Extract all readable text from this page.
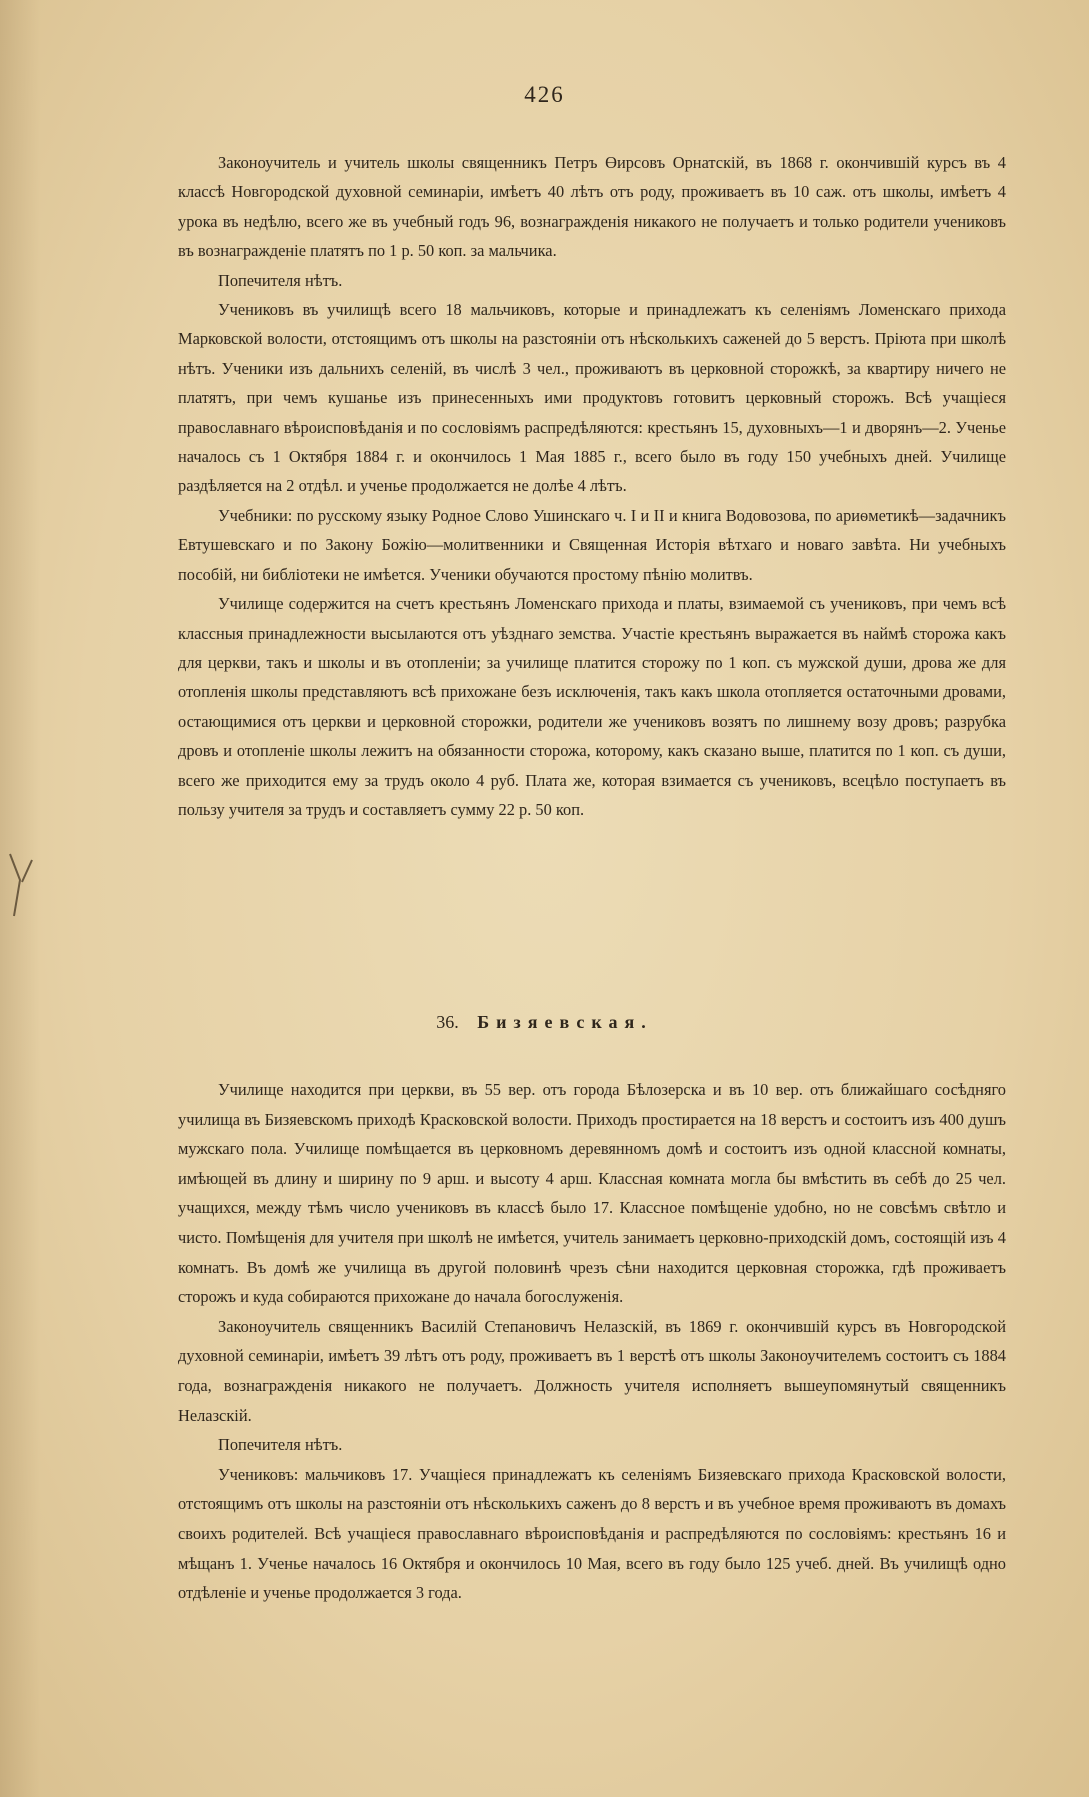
426

Законоучитель и учитель школы священникъ Петръ Өирсовъ Орнатскій, въ 1868 г. окончившій курсъ въ 4 классѣ Новгородской духовной семинаріи, имѣетъ 40 лѣтъ отъ роду, проживаетъ въ 10 саж. отъ школы, имѣетъ 4 урока въ недѣлю, всего же въ учебный годъ 96, вознагражденія никакого не получаетъ и только родители учениковъ въ вознагражденіе платятъ по 1 р. 50 коп. за мальчика.

Попечителя нѣтъ.

Учениковъ въ училищѣ всего 18 мальчиковъ, которые и принадлежатъ къ селеніямъ Ломенскаго прихода Марковской волости, отстоящимъ отъ школы на разстояніи отъ нѣсколькихъ саженей до 5 верстъ. Пріюта при школѣ нѣтъ. Ученики изъ дальнихъ селеній, въ числѣ 3 чел., проживаютъ въ церковной сторожкѣ, за квартиру ничего не платятъ, при чемъ кушанье изъ принесенныхъ ими продуктовъ готовитъ церковный сторожъ. Всѣ учащіеся православнаго вѣроисповѣданія и по сословіямъ распредѣляются: крестьянъ 15, духовныхъ—1 и дворянъ—2. Ученье началось съ 1 Октября 1884 г. и окончилось 1 Мая 1885 г., всего было въ году 150 учебныхъ дней. Училище раздѣляется на 2 отдѣл. и ученье продолжается не долѣе 4 лѣтъ.

Учебники: по русскому языку Родное Слово Ушинскаго ч. I и II и книга Водовозова, по ариѳметикѣ—задачникъ Евтушевскаго и по Закону Божію—молитвенники и Священная Исторія вѣтхаго и новаго завѣта. Ни учебныхъ пособій, ни библіотеки не имѣется. Ученики обучаются простому пѣнію молитвъ.

Училище содержится на счетъ крестьянъ Ломенскаго прихода и платы, взимаемой съ учениковъ, при чемъ всѣ классныя принадлежности высылаются отъ уѣзднаго земства. Участіе крестьянъ выражается въ наймѣ сторожа какъ для церкви, такъ и школы и въ отопленіи; за училище платится сторожу по 1 коп. съ мужской души, дрова же для отопленія школы представляютъ всѣ прихожане безъ исключенія, такъ какъ школа отопляется остаточными дровами, остающимися отъ церкви и церковной сторожки, родители же учениковъ возятъ по лишнему возу дровъ; разрубка дровъ и отопленіе школы лежитъ на обязанности сторожа, которому, какъ сказано выше, платится по 1 коп. съ души, всего же приходится ему за трудъ около 4 руб. Плата же, которая взимается съ учениковъ, всецѣло поступаетъ въ пользу учителя за трудъ и составляетъ сумму 22 р. 50 коп.

36. Бизяевская.

Училище находится при церкви, въ 55 вер. отъ города Бѣлозерска и въ 10 вер. отъ ближайшаго сосѣдняго училища въ Бизяевскомъ приходѣ Красковской волости. Приходъ простирается на 18 верстъ и состоитъ изъ 400 душъ мужскаго пола. Училище помѣщается въ церковномъ деревянномъ домѣ и состоитъ изъ одной классной комнаты, имѣющей въ длину и ширину по 9 арш. и высоту 4 арш. Классная комната могла бы вмѣстить въ себѣ до 25 чел. учащихся, между тѣмъ число учениковъ въ классѣ было 17. Классное помѣщеніе удобно, но не совсѣмъ свѣтло и чисто. Помѣщенія для учителя при школѣ не имѣется, учитель занимаетъ церковно-приходскій домъ, состоящій изъ 4 комнатъ. Въ домѣ же училища въ другой половинѣ чрезъ сѣни находится церковная сторожка, гдѣ проживаетъ сторожъ и куда собираются прихожане до начала богослуженія.

Законоучитель священникъ Василій Степановичъ Нелазскій, въ 1869 г. окончившій курсъ въ Новгородской духовной семинаріи, имѣетъ 39 лѣтъ отъ роду, проживаетъ въ 1 верстѣ отъ школы Законоучителемъ состоитъ съ 1884 года, вознагражденія никакого не получаетъ. Должность учителя исполняетъ вышеупомянутый священникъ Нелазскій.

Попечителя нѣтъ.

Учениковъ: мальчиковъ 17. Учащіеся принадлежатъ къ селеніямъ Бизяевскаго прихода Красковской волости, отстоящимъ отъ школы на разстояніи отъ нѣсколькихъ саженъ до 8 верстъ и въ учебное время проживаютъ въ домахъ своихъ родителей. Всѣ учащіеся православнаго вѣроисповѣданія и распредѣляются по сословіямъ: крестьянъ 16 и мѣщанъ 1. Ученье началось 16 Октября и окончилось 10 Мая, всего въ году было 125 учеб. дней. Въ училищѣ одно отдѣленіе и ученье продолжается 3 года.
